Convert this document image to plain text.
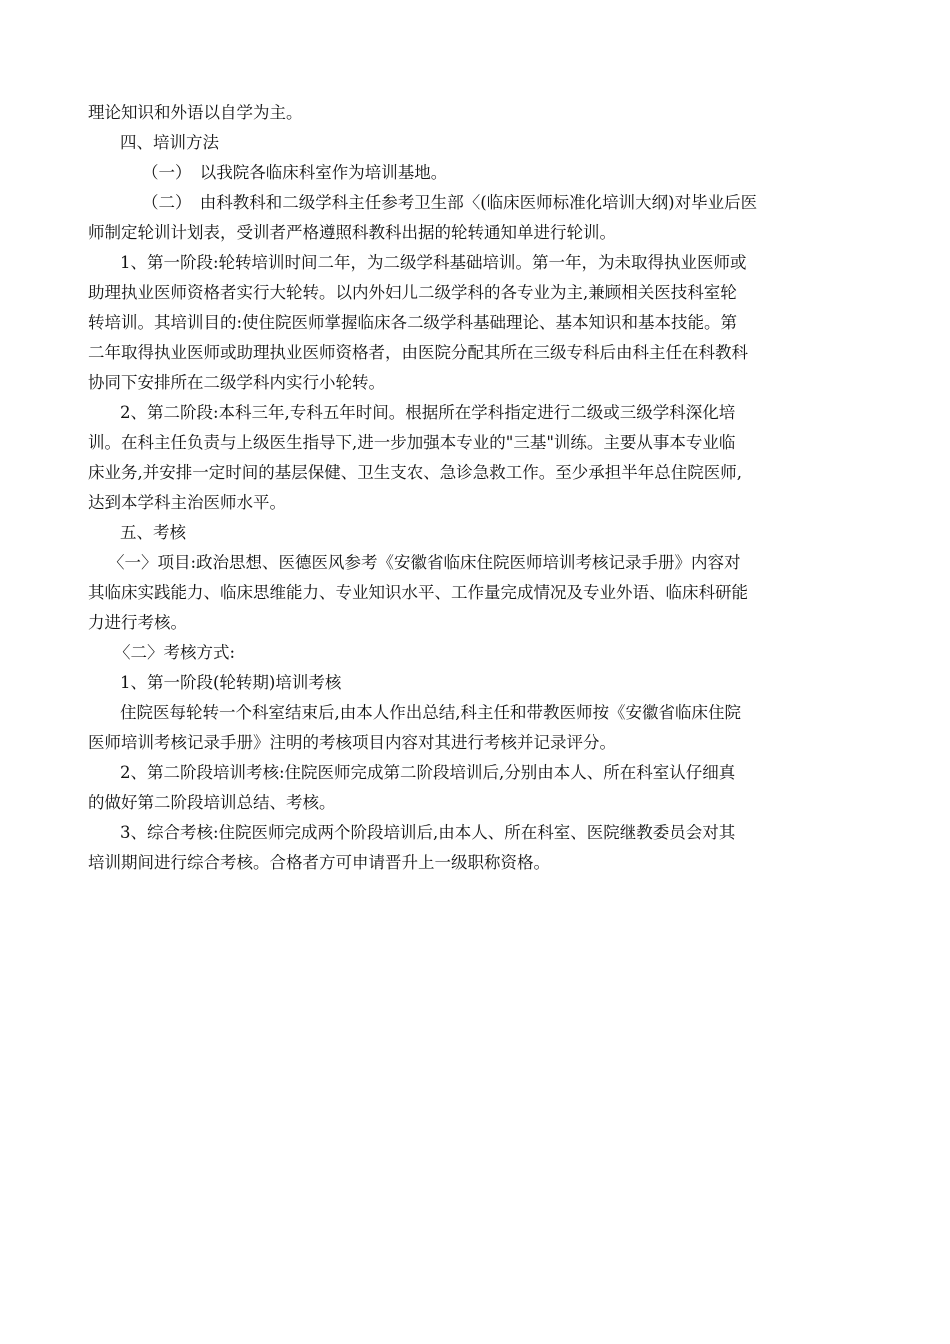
理论知识和外语以自学为主。

四、培训方法

（一）　以我院各临床科室作为培训基地。

（二）　由科教科和二级学科主任参考卫生部〈(临床医师标准化培训大纲)对毕业后医

师制定轮训计划表，受训者严格遵照科教科出据的轮转通知单进行轮训。

1、第一阶段:轮转培训时间二年，为二级学科基础培训。第一年，为未取得执业医师或

助理执业医师资格者实行大轮转。以内外妇儿二级学科的各专业为主,兼顾相关医技科室轮

转培训。其培训目的:使住院医师掌握临床各二级学科基础理论、基本知识和基本技能。第

二年取得执业医师或助理执业医师资格者，由医院分配其所在三级专科后由科主任在科教科

协同下安排所在二级学科内实行小轮转。

2、第二阶段:本科三年,专科五年时间。根据所在学科指定进行二级或三级学科深化培

训。在科主任负责与上级医生指导下,进一步加强本专业的"三基"训练。主要从事本专业临

床业务,并安排一定时间的基层保健、卫生支农、急诊急救工作。至少承担半年总住院医师,

达到本学科主治医师水平。

五、考核

〈一〉项目:政治思想、医德医风参考《安徽省临床住院医师培训考核记录手册》内容对

其临床实践能力、临床思维能力、专业知识水平、工作量完成情况及专业外语、临床科研能

力进行考核。

〈二〉考核方式:

1、第一阶段(轮转期)培训考核

住院医每轮转一个科室结束后,由本人作出总结,科主任和带教医师按《安徽省临床住院

医师培训考核记录手册》注明的考核项目内容对其进行考核并记录评分。

2、第二阶段培训考核:住院医师完成第二阶段培训后,分别由本人、所在科室认仔细真

的做好第二阶段培训总结、考核。

3、综合考核:住院医师完成两个阶段培训后,由本人、所在科室、医院继教委员会对其

培训期间进行综合考核。合格者方可申请晋升上一级职称资格。
